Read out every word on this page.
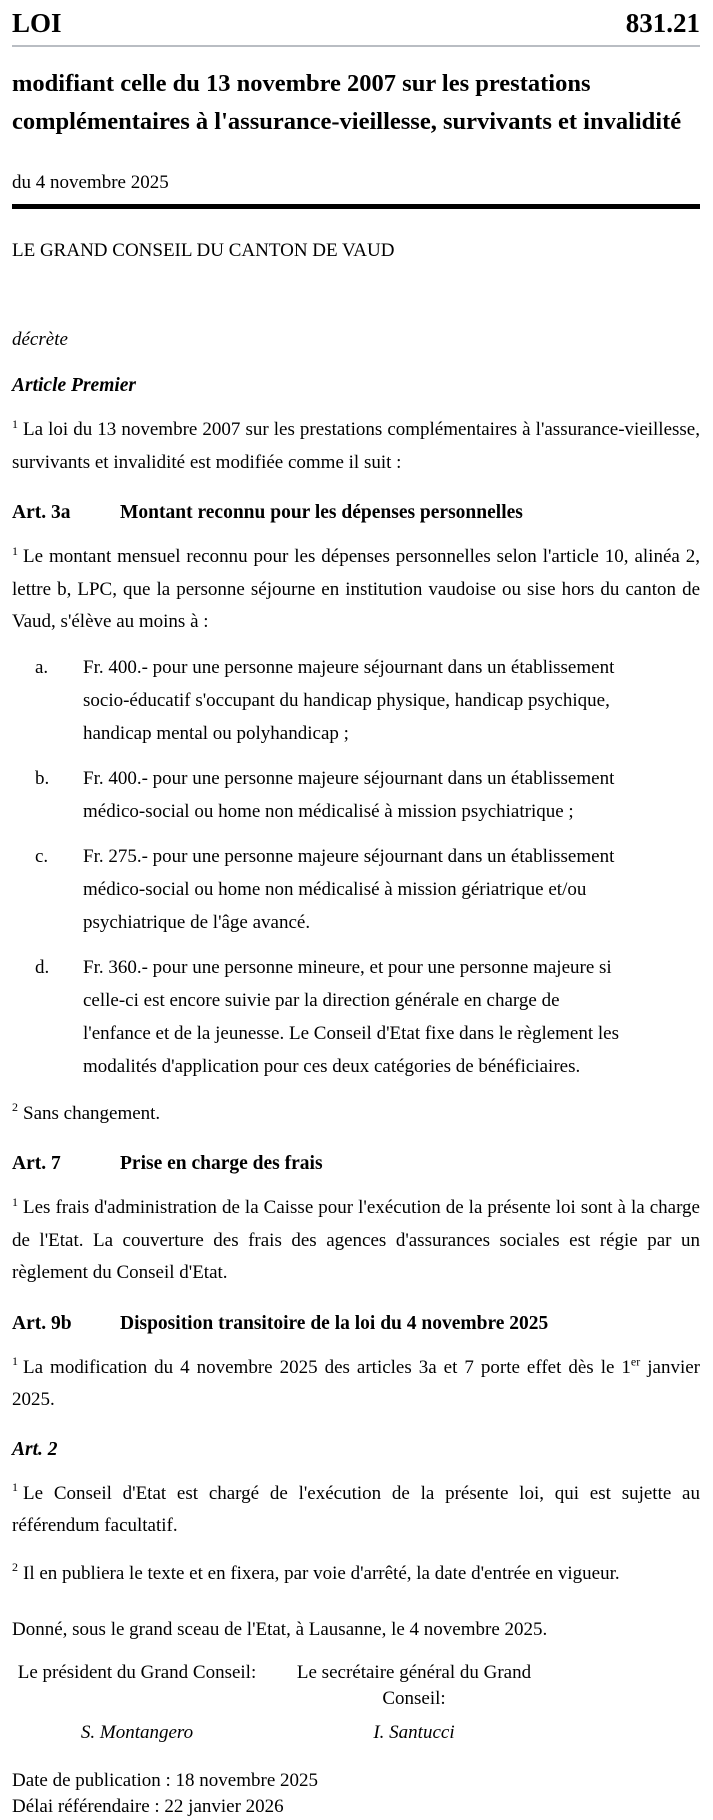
LOI	831.21
modifiant celle du 13 novembre 2007 sur les prestations complémentaires à l'assurance-vieillesse, survivants et invalidité

du 4 novembre 2025

LE GRAND CONSEIL DU CANTON DE VAUD

décrète

Article Premier

$^1$ La loi du 13 novembre 2007 sur les prestations complémentaires à l'assurance-vieillesse, survivants et invalidité est modifiée comme il suit :

Art. 3a	Montant reconnu pour les dépenses personnelles

$^1$ Le montant mensuel reconnu pour les dépenses personnelles selon l'article 10, alinéa 2, lettre b, LPC, que la personne séjourne en institution vaudoise ou sise hors du canton de Vaud, s'élève au moins à :

a.	Fr. 400.- pour une personne majeure séjournant dans un établissement socio-éducatif s'occupant du handicap physique, handicap psychique, handicap mental ou polyhandicap ;
b.	Fr. 400.- pour une personne majeure séjournant dans un établissement médico-social ou home non médicalisé à mission psychiatrique ;
c.	Fr. 275.- pour une personne majeure séjournant dans un établissement médico-social ou home non médicalisé à mission gériatrique et/ou psychiatrique de l'âge avancé.
d.	Fr. 360.- pour une personne mineure, et pour une personne majeure si celle-ci est encore suivie par la direction générale en charge de l'enfance et de la jeunesse. Le Conseil d'Etat fixe dans le règlement les modalités d'application pour ces deux catégories de bénéficiaires.

$^2$ Sans changement.

Art. 7	Prise en charge des frais

$^1$ Les frais d'administration de la Caisse pour l'exécution de la présente loi sont à la charge de l'Etat. La couverture des frais des agences d'assurances sociales est régie par un règlement du Conseil d'Etat.

Art. 9b Disposition transitoire de la loi du 4 novembre 2025

$^1$ La modification du 4 novembre 2025 des articles 3a et 7 porte effet dès le 1er janvier 2025.

Art. 2

$^1$ Le Conseil d'Etat est chargé de l'exécution de la présente loi, qui est sujette au référendum facultatif.

$^2$ Il en publiera le texte et en fixera, par voie d'arrêté, la date d'entrée en vigueur.

Donné, sous le grand sceau de l'Etat, à Lausanne, le 4 novembre 2025.

Le président du Grand Conseil:

S. Montangero

Le secrétaire général du Grand Conseil:

I. Santucci

Date de publication : 18 novembre 2025

Délai référendaire : 22 janvier 2026
